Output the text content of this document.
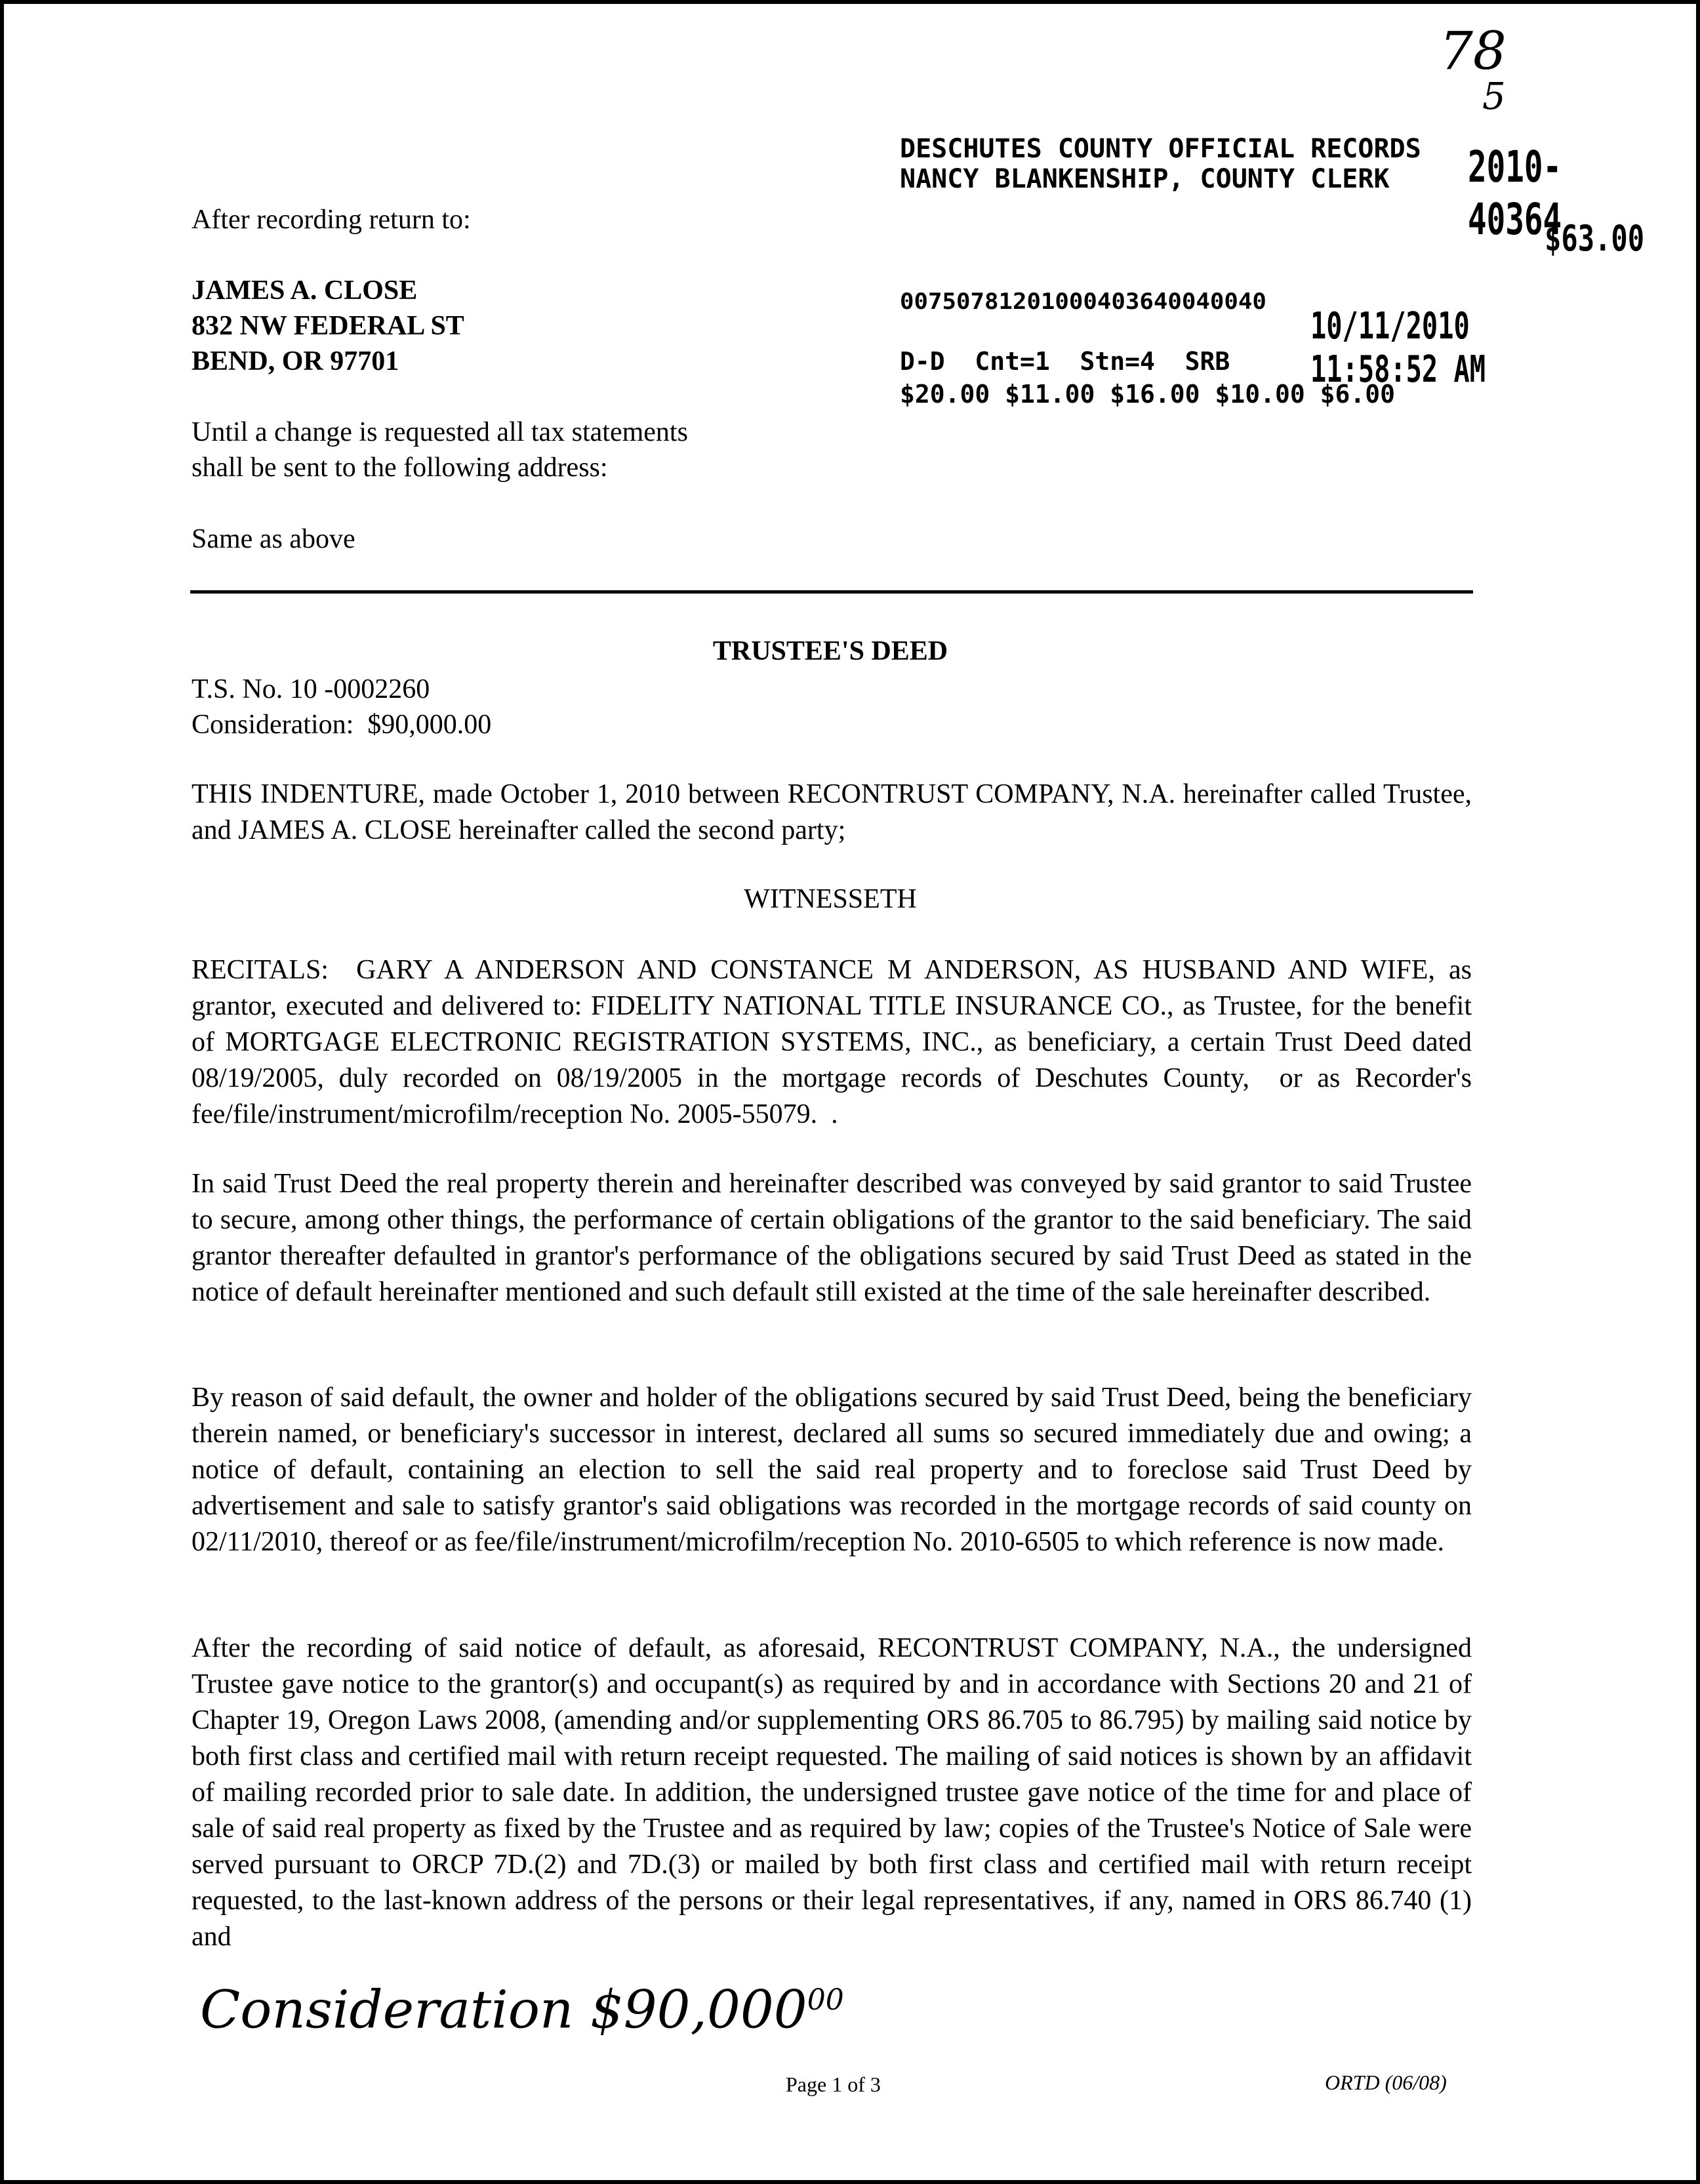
78
5
After recording return to:
JAMES A. CLOSE
832 NW FEDERAL ST
BEND, OR 97701
Until a change is requested all tax statements
shall be sent to the following address:
Same as above
DESCHUTES COUNTY OFFICIAL RECORDS
NANCY BLANKENSHIP, COUNTY CLERK 2010-40364
$63.00
00750781201000403640040040
10/11/2010 11:58:52 AM
D-D  Cnt=1  Stn=4  SRB
$20.00 $11.00 $16.00 $10.00 $6.00
TRUSTEE'S DEED
T.S. No. 10 -0002260
Consideration:  $90,000.00
THIS INDENTURE, made October 1, 2010 between RECONTRUST COMPANY, N.A. hereinafter called Trustee, and JAMES A. CLOSE hereinafter called the second party;
WITNESSETH
RECITALS:  GARY A ANDERSON AND CONSTANCE M ANDERSON, AS HUSBAND AND WIFE, as grantor, executed and delivered to: FIDELITY NATIONAL TITLE INSURANCE CO., as Trustee, for the benefit of MORTGAGE ELECTRONIC REGISTRATION SYSTEMS, INC., as beneficiary, a certain Trust Deed dated 08/19/2005, duly recorded on 08/19/2005 in the mortgage records of Deschutes County,  or as Recorder's fee/file/instrument/microfilm/reception No. 2005-55079.  .
In said Trust Deed the real property therein and hereinafter described was conveyed by said grantor to said Trustee to secure, among other things, the performance of certain obligations of the grantor to the said beneficiary. The said grantor thereafter defaulted in grantor's performance of the obligations secured by said Trust Deed as stated in the notice of default hereinafter mentioned and such default still existed at the time of the sale hereinafter described.
By reason of said default, the owner and holder of the obligations secured by said Trust Deed, being the beneficiary therein named, or beneficiary's successor in interest, declared all sums so secured immediately due and owing; a notice of default, containing an election to sell the said real property and to foreclose said Trust Deed by advertisement and sale to satisfy grantor's said obligations was recorded in the mortgage records of said county on 02/11/2010, thereof or as fee/file/instrument/microfilm/reception No. 2010-6505 to which reference is now made.
After the recording of said notice of default, as aforesaid, RECONTRUST COMPANY, N.A., the undersigned Trustee gave notice to the grantor(s) and occupant(s) as required by and in accordance with Sections 20 and 21 of Chapter 19, Oregon Laws 2008, (amending and/or supplementing ORS 86.705 to 86.795) by mailing said notice by both first class and certified mail with return receipt requested. The mailing of said notices is shown by an affidavit of mailing recorded prior to sale date. In addition, the undersigned trustee gave notice of the time for and place of sale of said real property as fixed by the Trustee and as required by law; copies of the Trustee's Notice of Sale were served pursuant to ORCP 7D.(2) and 7D.(3) or mailed by both first class and certified mail with return receipt requested, to the last-known address of the persons or their legal representatives, if any, named in ORS 86.740 (1) and
Consideration $90,000$^{00}$
Page 1 of 3	ORTD (06/08)
